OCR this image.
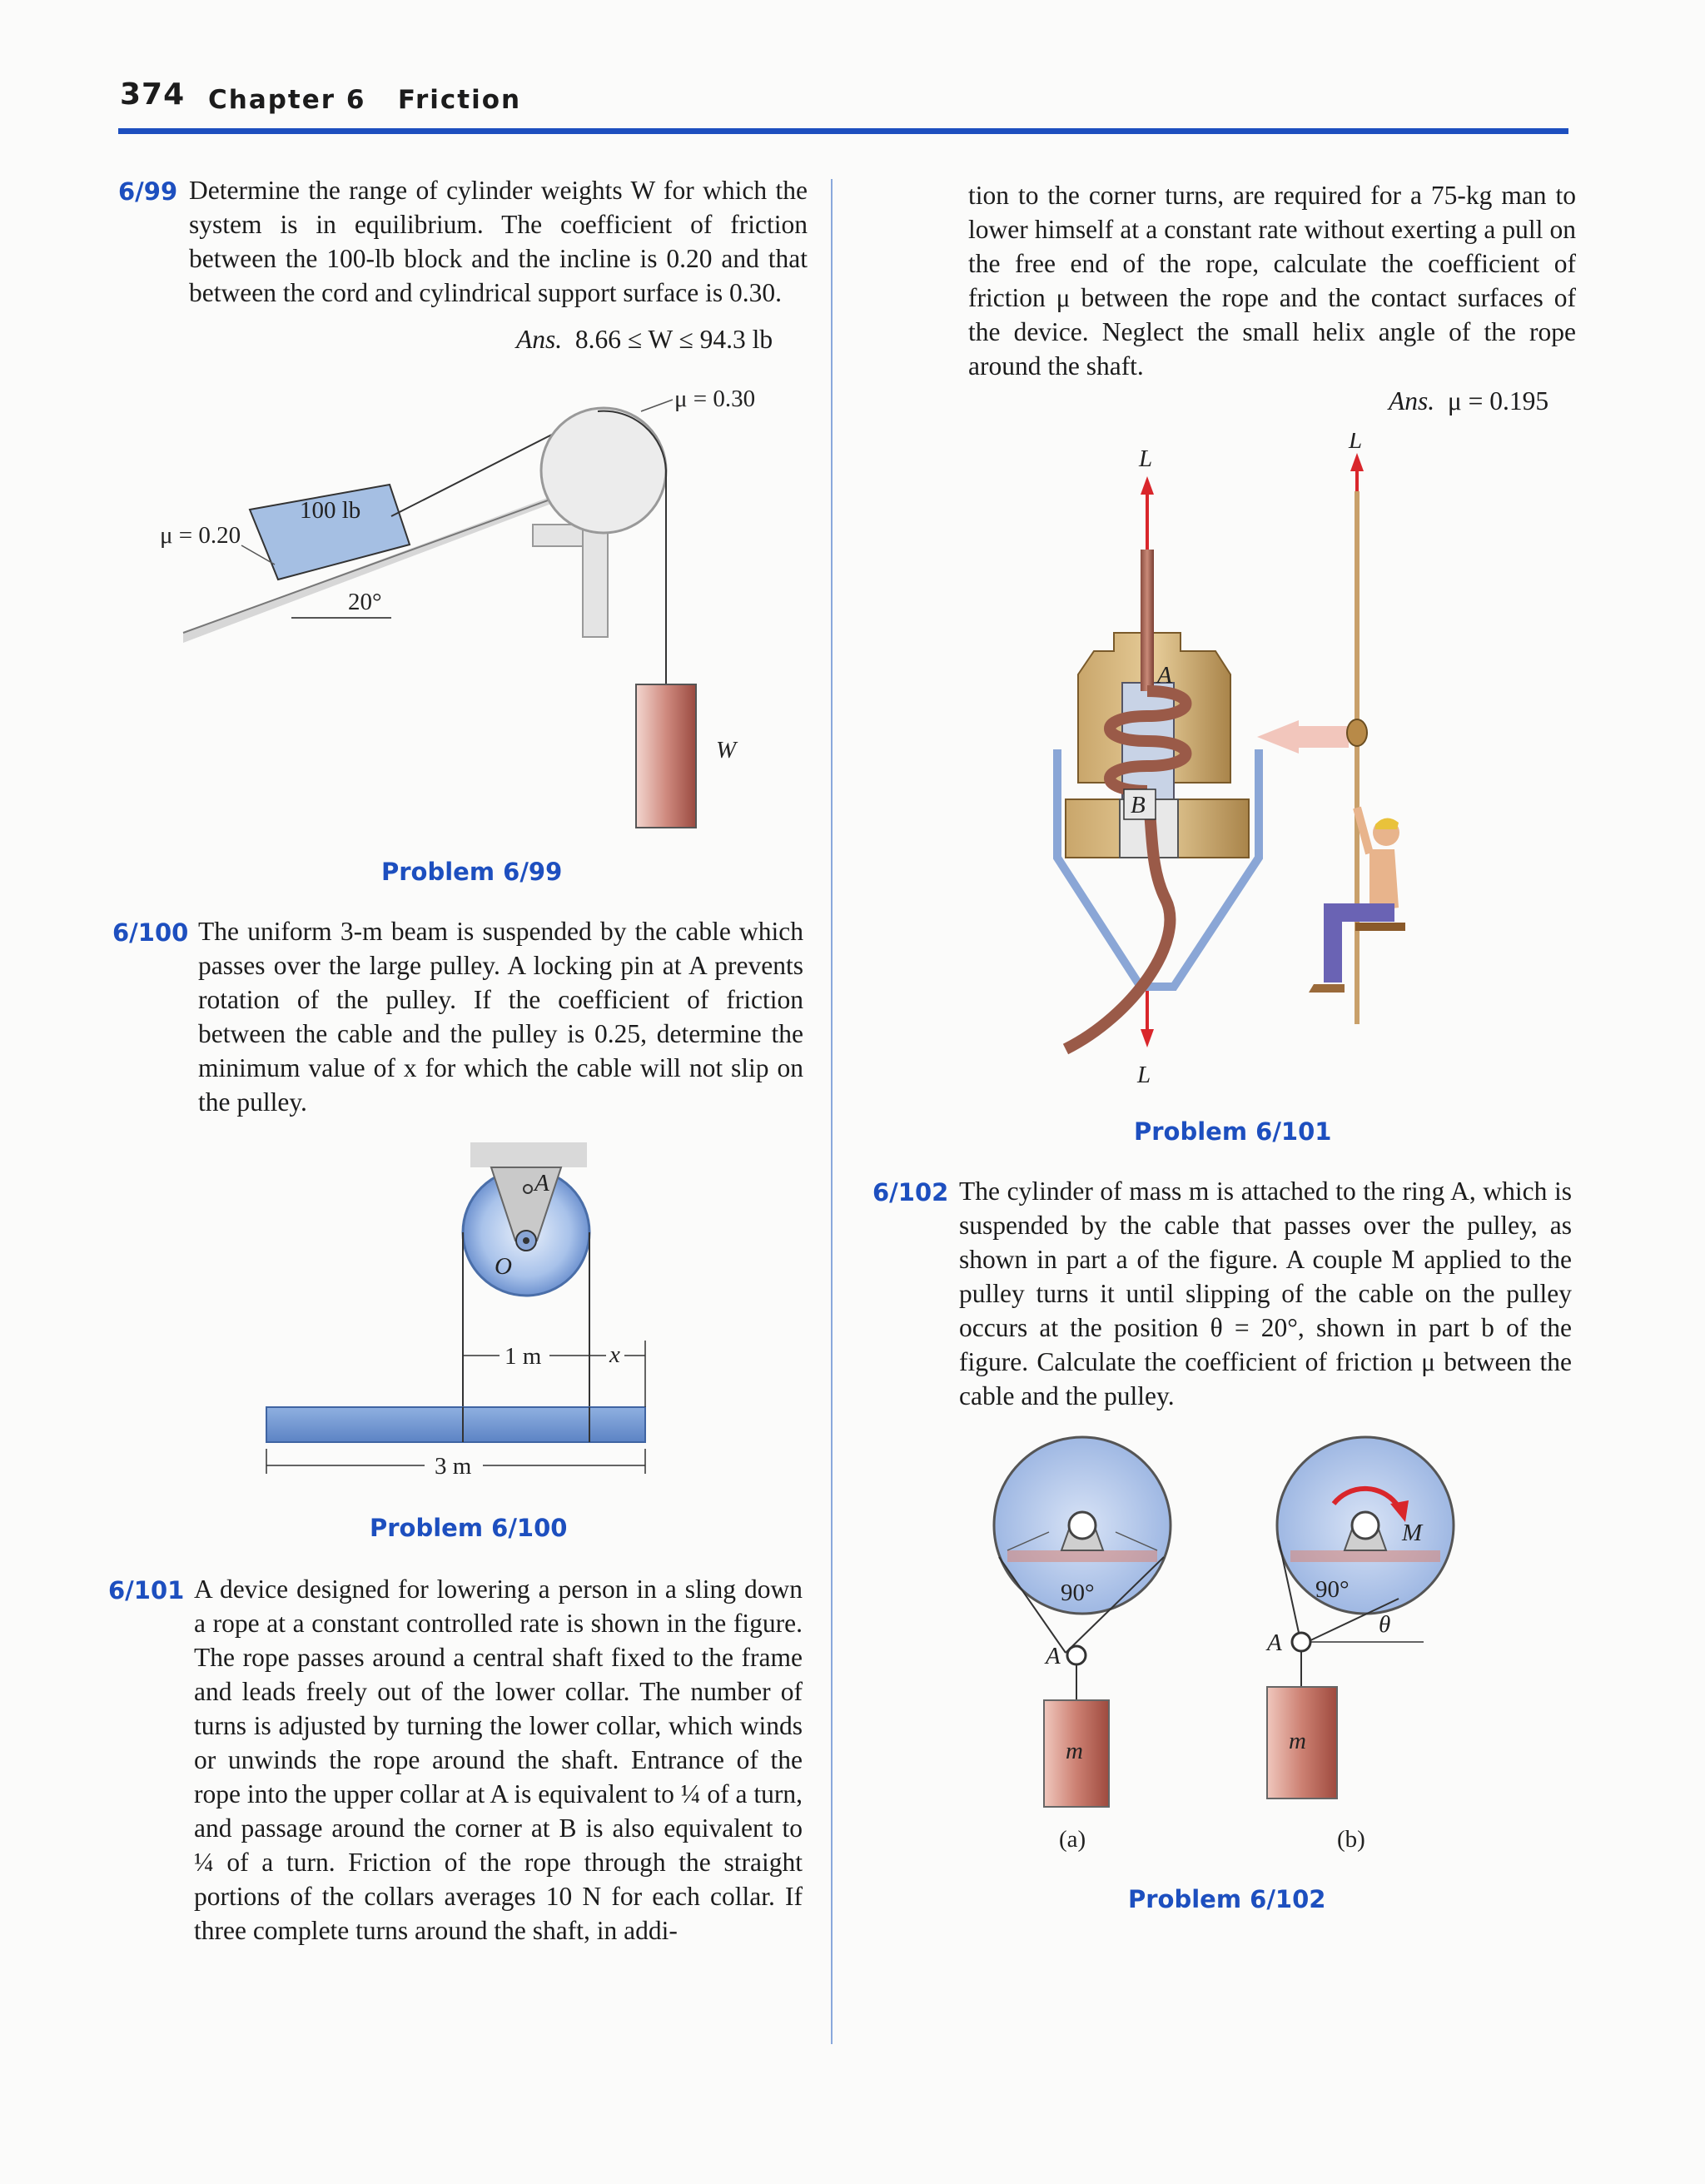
374 Chapter 6 Friction
6/99 Determine the range of cylinder weights W for which the system is in equilibrium. The coefficient of friction between the 100-lb block and the incline is 0.20 and that between the cord and cylindrical support surface is 0.30.
Ans. 8.66 ≤ W ≤ 94.3 lb
μ = 0.30
100 lb
μ = 0.20
20°
W
Problem 6/99
6/100 The uniform 3-m beam is suspended by the cable which passes over the large pulley. A locking pin at A prevents rotation of the pulley. If the coefficient of friction between the cable and the pulley is 0.25, determine the minimum value of x for which the cable will not slip on the pulley.
1 m	x
3 m
A
O
Problem 6/100
6/101 A device designed for lowering a person in a sling down a rope at a constant controlled rate is shown in the figure. The rope passes around a central shaft fixed to the frame and leads freely out of the lower collar. The number of turns is adjusted by turning the lower collar, which winds or unwinds the rope around the shaft. Entrance of the rope into the upper collar at A is equivalent to ¼ of a turn, and passage around the corner at B is also equivalent to ¼ of a turn. Friction of the rope through the straight portions of the collars averages 10 N for each collar. If three complete turns around the shaft, in addi-
tion to the corner turns, are required for a 75-kg man to lower himself at a constant rate without exerting a pull on the free end of the rope, calculate the coefficient of friction μ between the rope and the contact surfaces of the device. Neglect the small helix angle of the rope around the shaft.
Ans. μ = 0.195
L
L
A
B
L
Problem 6/101
6/102 The cylinder of mass m is attached to the ring A, which is suspended by the cable that passes over the pulley, as shown in part a of the figure. A couple M applied to the pulley turns it until slipping of the cable on the pulley occurs at the position θ = 20°, shown in part b of the figure. Calculate the coefficient of friction μ between the cable and the pulley.
90°
A
m
(a)
M
90°
θ
A
m
(b)
Problem 6/102
